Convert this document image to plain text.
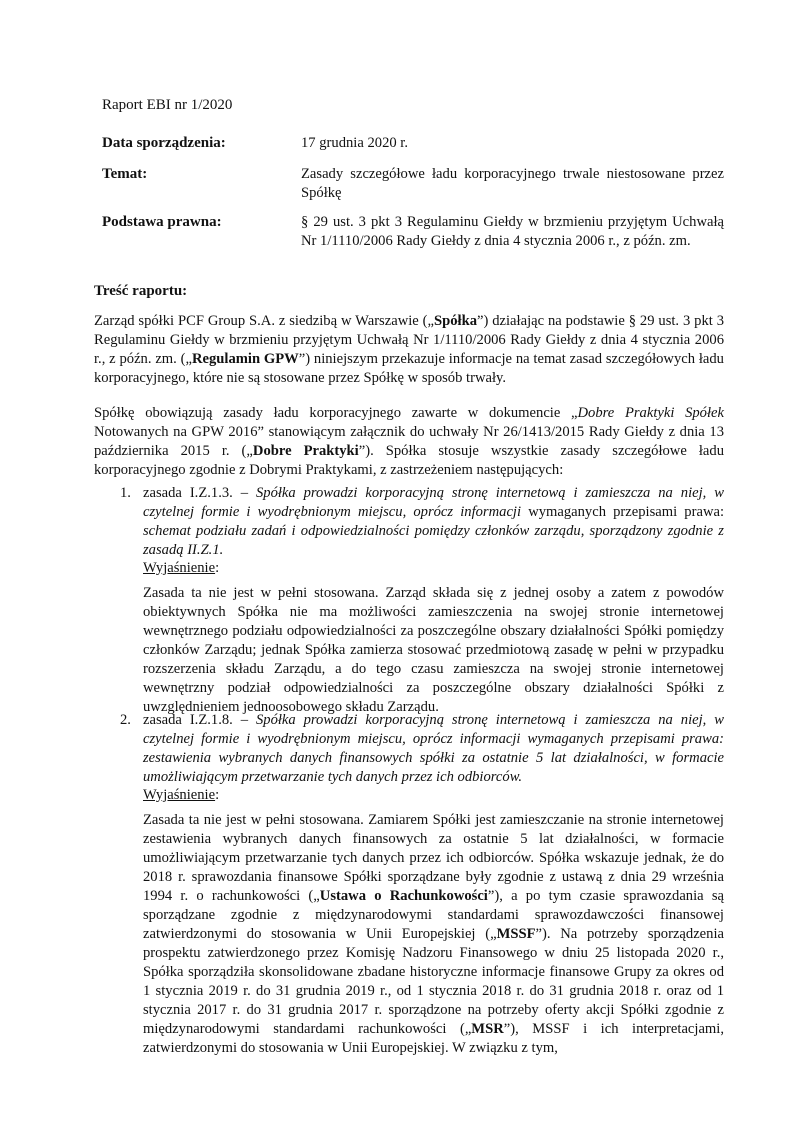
Raport EBI nr 1/2020
Data sporządzenia:	17 grudnia 2020 r.
Temat:	Zasady szczegółowe ładu korporacyjnego trwale niestosowane przez Spółkę
Podstawa prawna:	§ 29 ust. 3 pkt 3 Regulaminu Giełdy w brzmieniu przyjętym Uchwałą Nr 1/1110/2006 Rady Giełdy z dnia 4 stycznia 2006 r., z późn. zm.
Treść raportu:

Zarząd spółki PCF Group S.A. z siedzibą w Warszawie („Spółka”) działając na podstawie § 29 ust. 3 pkt 3 Regulaminu Giełdy w brzmieniu przyjętym Uchwałą Nr 1/1110/2006 Rady Giełdy z dnia 4 stycznia 2006 r., z późn. zm. („Regulamin GPW”) niniejszym przekazuje informacje na temat zasad szczegółowych ładu korporacyjnego, które nie są stosowane przez Spółkę w sposób trwały.

Spółkę obowiązują zasady ładu korporacyjnego zawarte w dokumencie „Dobre Praktyki Spółek Notowanych na GPW 2016” stanowiącym załącznik do uchwały Nr 26/1413/2015 Rady Giełdy z dnia 13 października 2015 r. („Dobre Praktyki”). Spółka stosuje wszystkie zasady szczegółowe ładu korporacyjnego zgodnie z Dobrymi Praktykami, z zastrzeżeniem następujących:

1. zasada I.Z.1.3. – Spółka prowadzi korporacyjną stronę internetową i zamieszcza na niej, w czytelnej formie i wyodrębnionym miejscu, oprócz informacji wymaganych przepisami prawa: schemat podziału zadań i odpowiedzialności pomiędzy członków zarządu, sporządzony zgodnie z zasadą II.Z.1.

Wyjaśnienie:

Zasada ta nie jest w pełni stosowana. Zarząd składa się z jednej osoby a zatem z powodów obiektywnych Spółka nie ma możliwości zamieszczenia na swojej stronie internetowej wewnętrznego podziału odpowiedzialności za poszczególne obszary działalności Spółki pomiędzy członków Zarządu; jednak Spółka zamierza stosować przedmiotową zasadę w pełni w przypadku rozszerzenia składu Zarządu, a do tego czasu zamieszcza na swojej stronie internetowej wewnętrzny podział odpowiedzialności za poszczególne obszary działalności Spółki z uwzględnieniem jednoosobowego składu Zarządu.

2. zasada I.Z.1.8. – Spółka prowadzi korporacyjną stronę internetową i zamieszcza na niej, w czytelnej formie i wyodrębnionym miejscu, oprócz informacji wymaganych przepisami prawa: zestawienia wybranych danych finansowych spółki za ostatnie 5 lat działalności, w formacie umożliwiającym przetwarzanie tych danych przez ich odbiorców.

Wyjaśnienie:

Zasada ta nie jest w pełni stosowana. Zamiarem Spółki jest zamieszczanie na stronie internetowej zestawienia wybranych danych finansowych za ostatnie 5 lat działalności, w formacie umożliwiającym przetwarzanie tych danych przez ich odbiorców. Spółka wskazuje jednak, że do 2018 r. sprawozdania finansowe Spółki sporządzane były zgodnie z ustawą z dnia 29 września 1994 r. o rachunkowości („Ustawa o Rachunkowości”), a po tym czasie sprawozdania są sporządzane zgodnie z międzynarodowymi standardami sprawozdawczości finansowej zatwierdzonymi do stosowania w Unii Europejskiej („MSSF”). Na potrzeby sporządzenia prospektu zatwierdzonego przez Komisję Nadzoru Finansowego w dniu 25 listopada 2020 r., Spółka sporządziła skonsolidowane zbadane historyczne informacje finansowe Grupy za okres od 1 stycznia 2019 r. do 31 grudnia 2019 r., od 1 stycznia 2018 r. do 31 grudnia 2018 r. oraz od 1 stycznia 2017 r. do 31 grudnia 2017 r. sporządzone na potrzeby oferty akcji Spółki zgodnie z międzynarodowymi standardami rachunkowości („MSR”), MSSF i ich interpretacjami, zatwierdzonymi do stosowania w Unii Europejskiej. W związku z tym,
